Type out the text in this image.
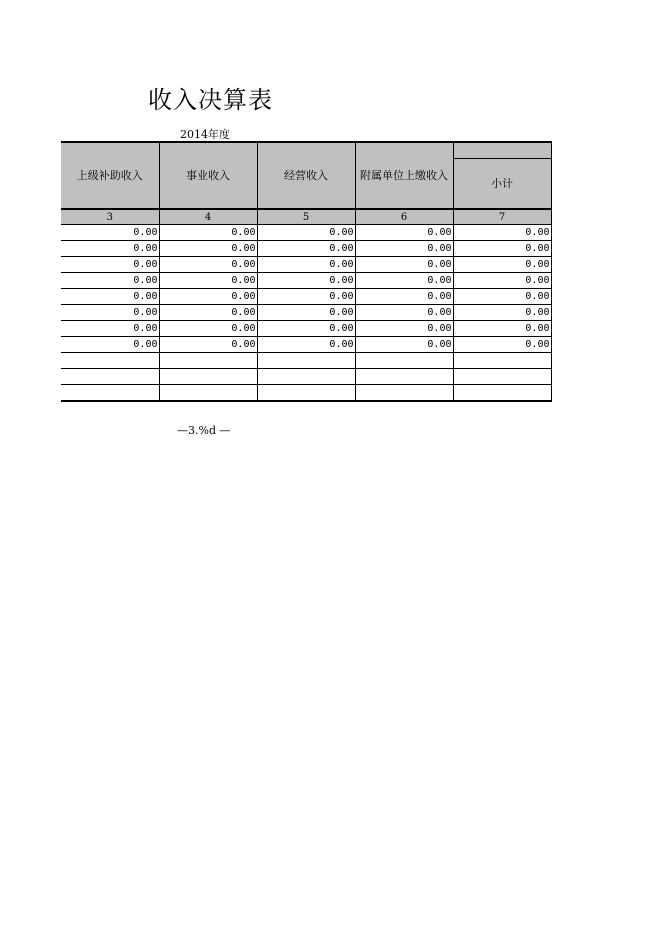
收入决算表
2014年度
上级补助收入	事业收入	经营收入	附属单位上缴收入	
				小计
3	4	5	6	7
0.00	0.00	0.00	0.00	0.00
0.00	0.00	0.00	0.00	0.00
0.00	0.00	0.00	0.00	0.00
0.00	0.00	0.00	0.00	0.00
0.00	0.00	0.00	0.00	0.00
0.00	0.00	0.00	0.00	0.00
0.00	0.00	0.00	0.00	0.00
0.00	0.00	0.00	0.00	0.00

—3.%d —
